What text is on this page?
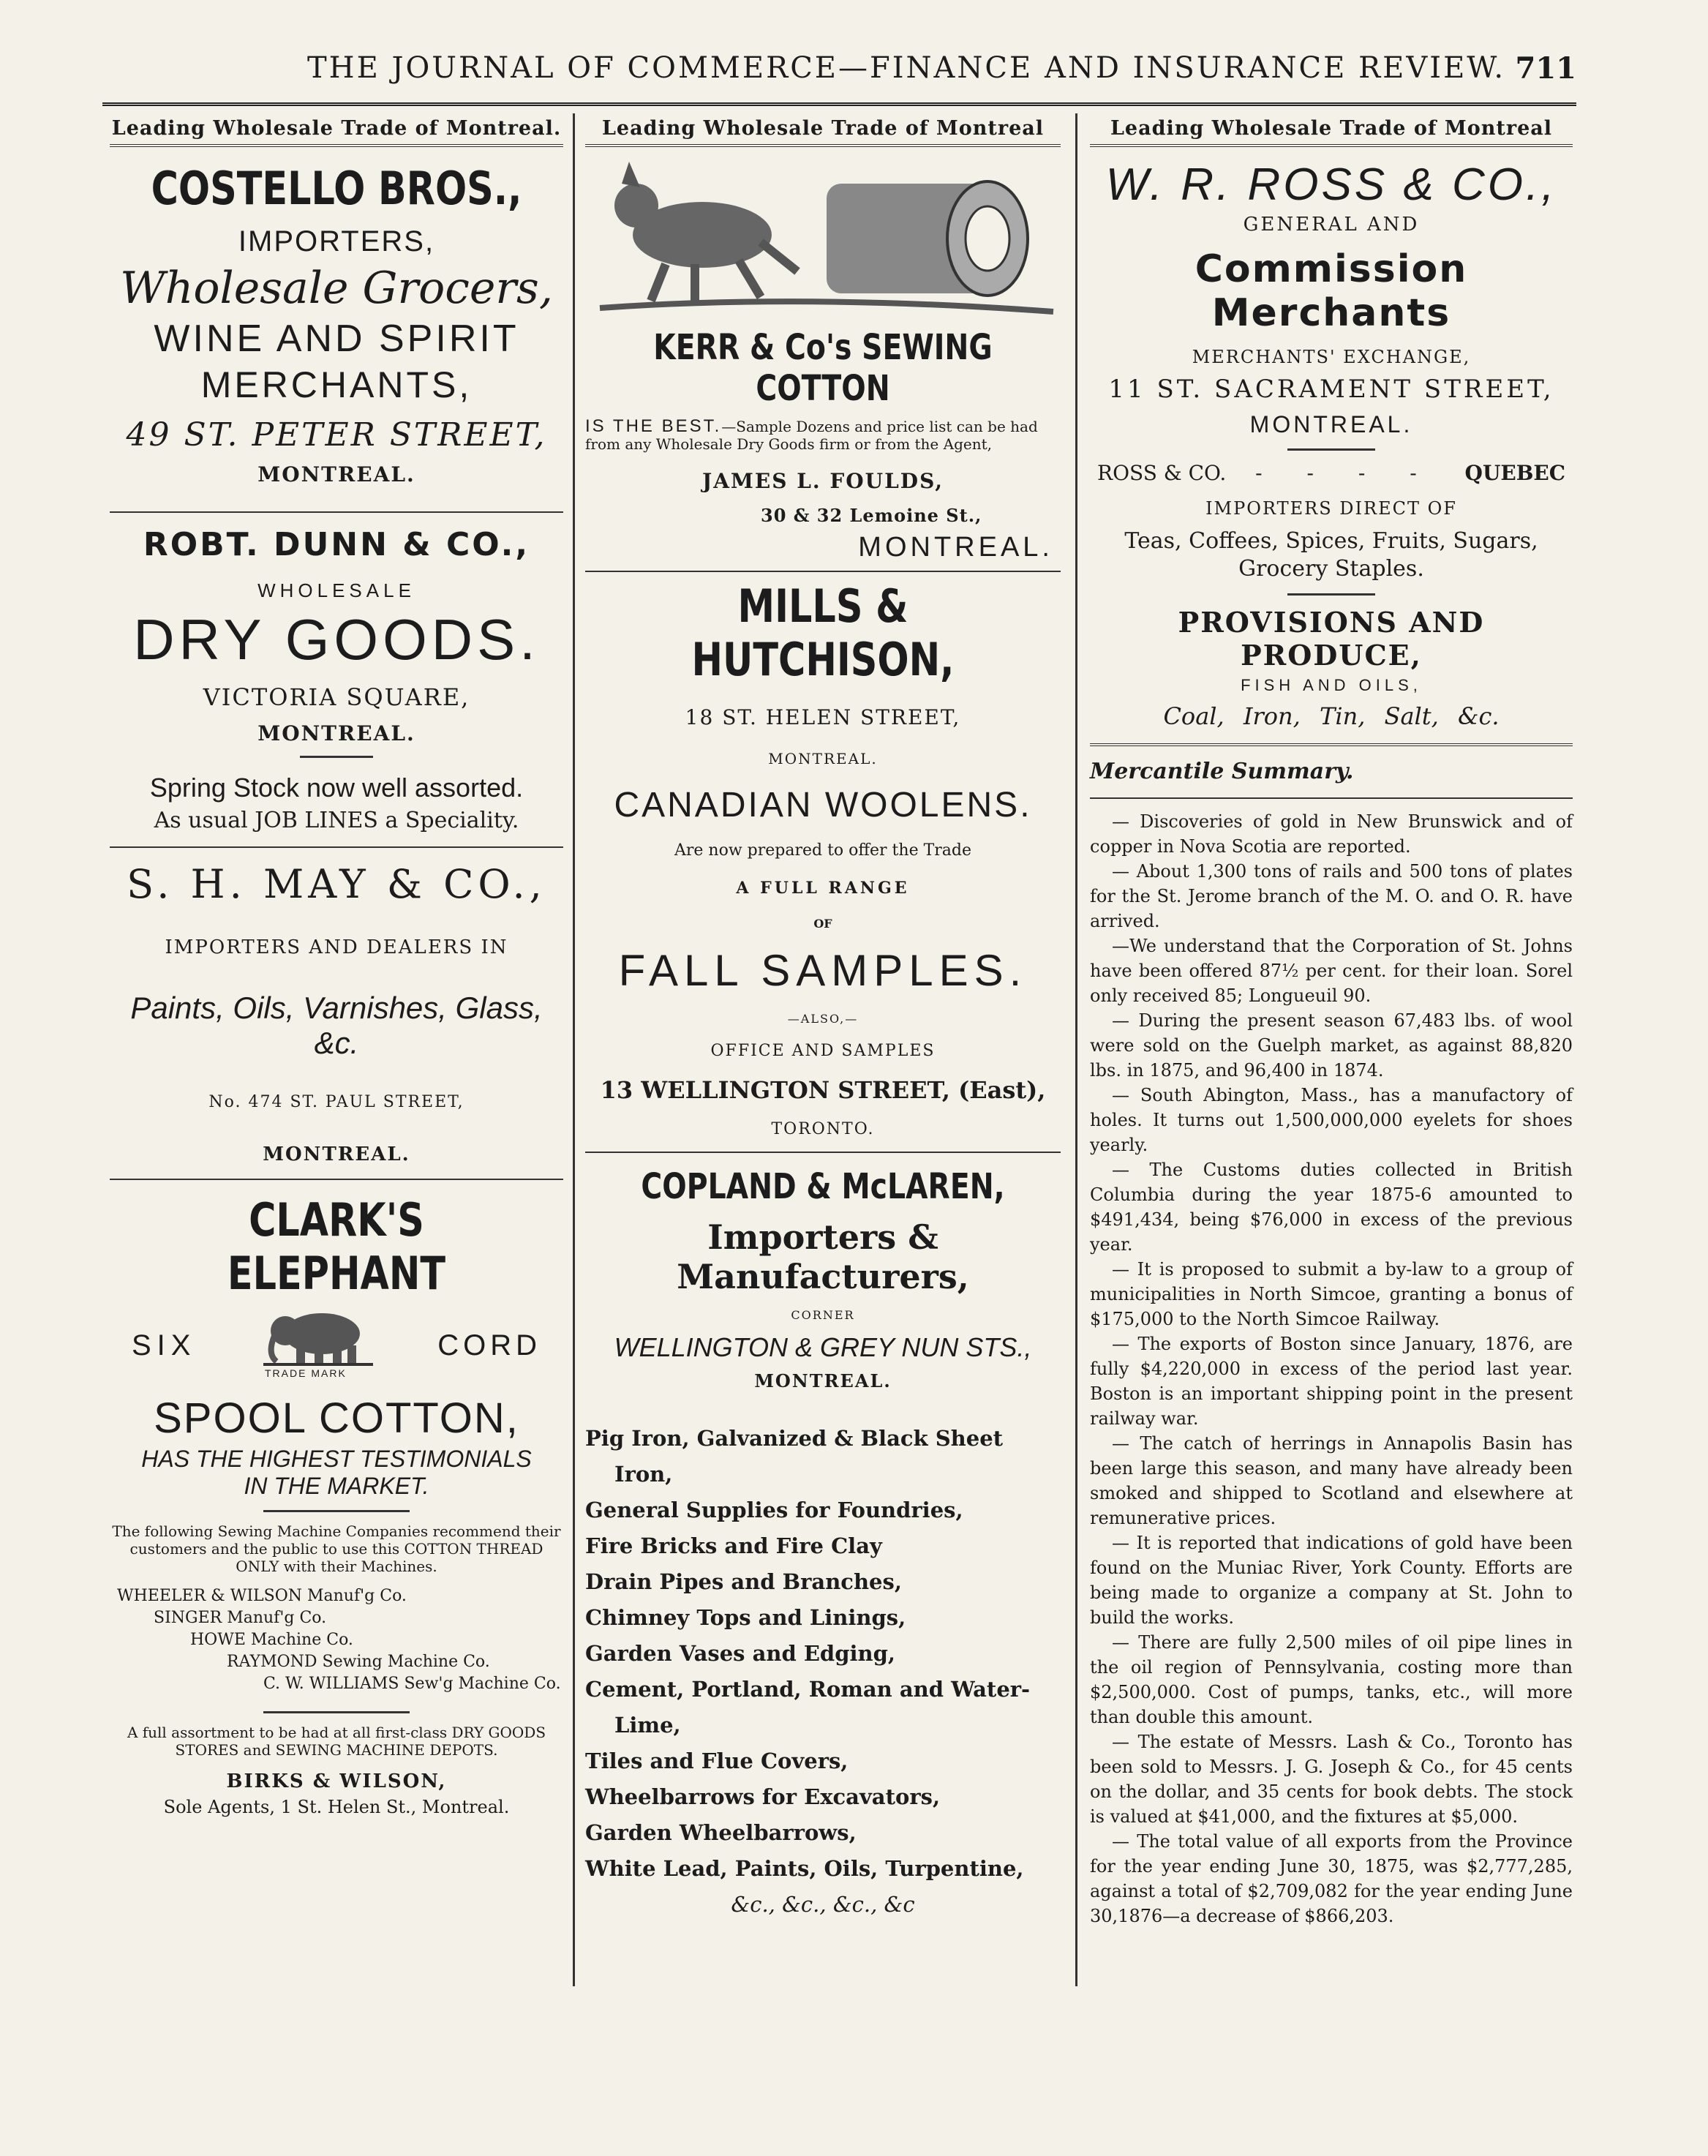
THE JOURNAL OF COMMERCE—FINANCE AND INSURANCE REVIEW. 711
Leading Wholesale Trade of Montreal.
COSTELLO BROS.,

IMPORTERS,

Wholesale Grocers,

WINE AND SPIRIT

MERCHANTS,

49 ST. PETER STREET,

MONTREAL.

ROBT. DUNN & CO.,

WHOLESALE

DRY GOODS.

VICTORIA SQUARE,

MONTREAL.

Spring Stock now well assorted.

As usual JOB LINES a Speciality.

S. H. MAY & CO.,

IMPORTERS AND DEALERS IN

Paints, Oils, Varnishes, Glass, &c.

No. 474 ST. PAUL STREET,

MONTREAL.

CLARK'S ELEPHANT
SIX
TRADE MARK
CORD

SPOOL COTTON,

HAS THE HIGHEST TESTIMONIALS

IN THE MARKET.

The following Sewing Machine Companies recommend their customers and the public to use this COTTON THREAD ONLY with their Machines.

WHEELER & WILSON Manuf'g Co.

SINGER Manuf'g Co.

HOWE Machine Co.

RAYMOND Sewing Machine Co.

C. W. WILLIAMS Sew'g Machine Co.

A full assortment to be had at all first-class DRY GOODS STORES and SEWING MACHINE DEPOTS.

BIRKS & WILSON,

Sole Agents, 1 St. Helen St., Montreal.

Leading Wholesale Trade of Montreal
KERR & Co's SEWING COTTON

IS THE BEST.—Sample Dozens and price list can be had from any Wholesale Dry Goods firm or from the Agent,

JAMES L. FOULDS,

30 & 32 Lemoine St.,

MONTREAL.

MILLS & HUTCHISON,

18 ST. HELEN STREET,

MONTREAL.

CANADIAN WOOLENS.

Are now prepared to offer the Trade

A FULL RANGE

OF

FALL SAMPLES.

—ALSO,—

OFFICE AND SAMPLES

13 WELLINGTON STREET, (East),

TORONTO.

COPLAND & McLAREN,

Importers & Manufacturers,

CORNER

WELLINGTON & GREY NUN STS.,

MONTREAL.

Pig Iron, Galvanized & Black Sheet Iron,

General Supplies for Foundries,

Fire Bricks and Fire Clay

Drain Pipes and Branches,

Chimney Tops and Linings,

Garden Vases and Edging,

Cement, Portland, Roman and Water-Lime,

Tiles and Flue Covers,

Wheelbarrows for Excavators,

Garden Wheelbarrows,

White Lead, Paints, Oils, Turpentine,

&c., &c., &c., &c

Leading Wholesale Trade of Montreal

W. R. ROSS & CO.,

GENERAL AND

Commission Merchants

MERCHANTS' EXCHANGE,

11 ST. SACRAMENT STREET,

MONTREAL.

ROSS & CO. - - - - QUEBEC

IMPORTERS DIRECT OF

Teas, Coffees, Spices, Fruits, Sugars, Grocery Staples.

PROVISIONS AND PRODUCE,

FISH AND OILS,

Coal, Iron, Tin, Salt, &c.

Mercantile Summary.

— Discoveries of gold in New Brunswick and of copper in Nova Scotia are reported.

— About 1,300 tons of rails and 500 tons of plates for the St. Jerome branch of the M. O. and O. R. have arrived.

—We understand that the Corporation of St. Johns have been offered 87½ per cent. for their loan. Sorel only received 85; Longueuil 90.

— During the present season 67,483 lbs. of wool were sold on the Guelph market, as against 88,820 lbs. in 1875, and 96,400 in 1874.

— South Abington, Mass., has a manufactory of holes. It turns out 1,500,000,000 eyelets for shoes yearly.

— The Customs duties collected in British Columbia during the year 1875-6 amounted to $491,434, being $76,000 in excess of the previous year.

— It is proposed to submit a by-law to a group of municipalities in North Simcoe, granting a bonus of $175,000 to the North Simcoe Railway.

— The exports of Boston since January, 1876, are fully $4,220,000 in excess of the period last year. Boston is an important shipping point in the present railway war.

— The catch of herrings in Annapolis Basin has been large this season, and many have already been smoked and shipped to Scotland and elsewhere at remunerative prices.

— It is reported that indications of gold have been found on the Muniac River, York County. Efforts are being made to organize a company at St. John to build the works.

— There are fully 2,500 miles of oil pipe lines in the oil region of Pennsylvania, costing more than $2,500,000. Cost of pumps, tanks, etc., will more than double this amount.

— The estate of Messrs. Lash & Co., Toronto has been sold to Messrs. J. G. Joseph & Co., for 45 cents on the dollar, and 35 cents for book debts. The stock is valued at $41,000, and the fixtures at $5,000.

— The total value of all exports from the Province for the year ending June 30, 1875, was $2,777,285, against a total of $2,709,082 for the year ending June 30,1876—a decrease of $866,203.
